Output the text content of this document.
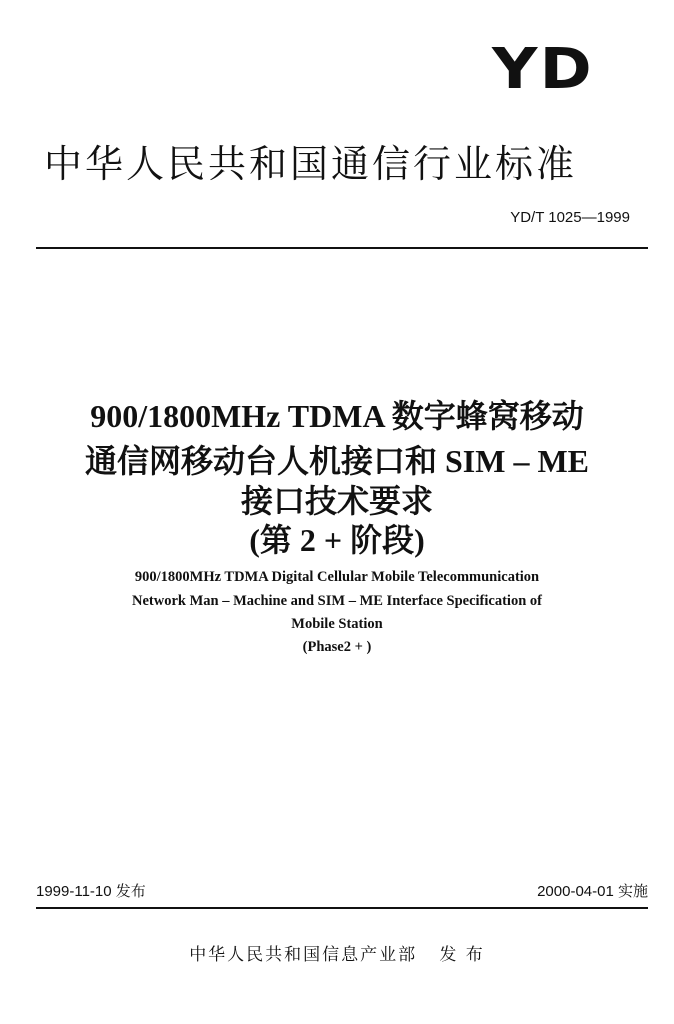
YD
中华人民共和国通信行业标准
YD/T 1025—1999
900/1800MHz TDMA 数字蜂窝移动
通信网移动台人机接口和 SIM – ME
接口技术要求
(第 2 + 阶段)
900/1800MHz TDMA Digital Cellular Mobile Telecommunication
Network Man – Machine and SIM – ME Interface Specification of
Mobile Station
(Phase2 + )
1999-11-10 发布	2000-04-01 实施
中华人民共和国信息产业部   发 布
